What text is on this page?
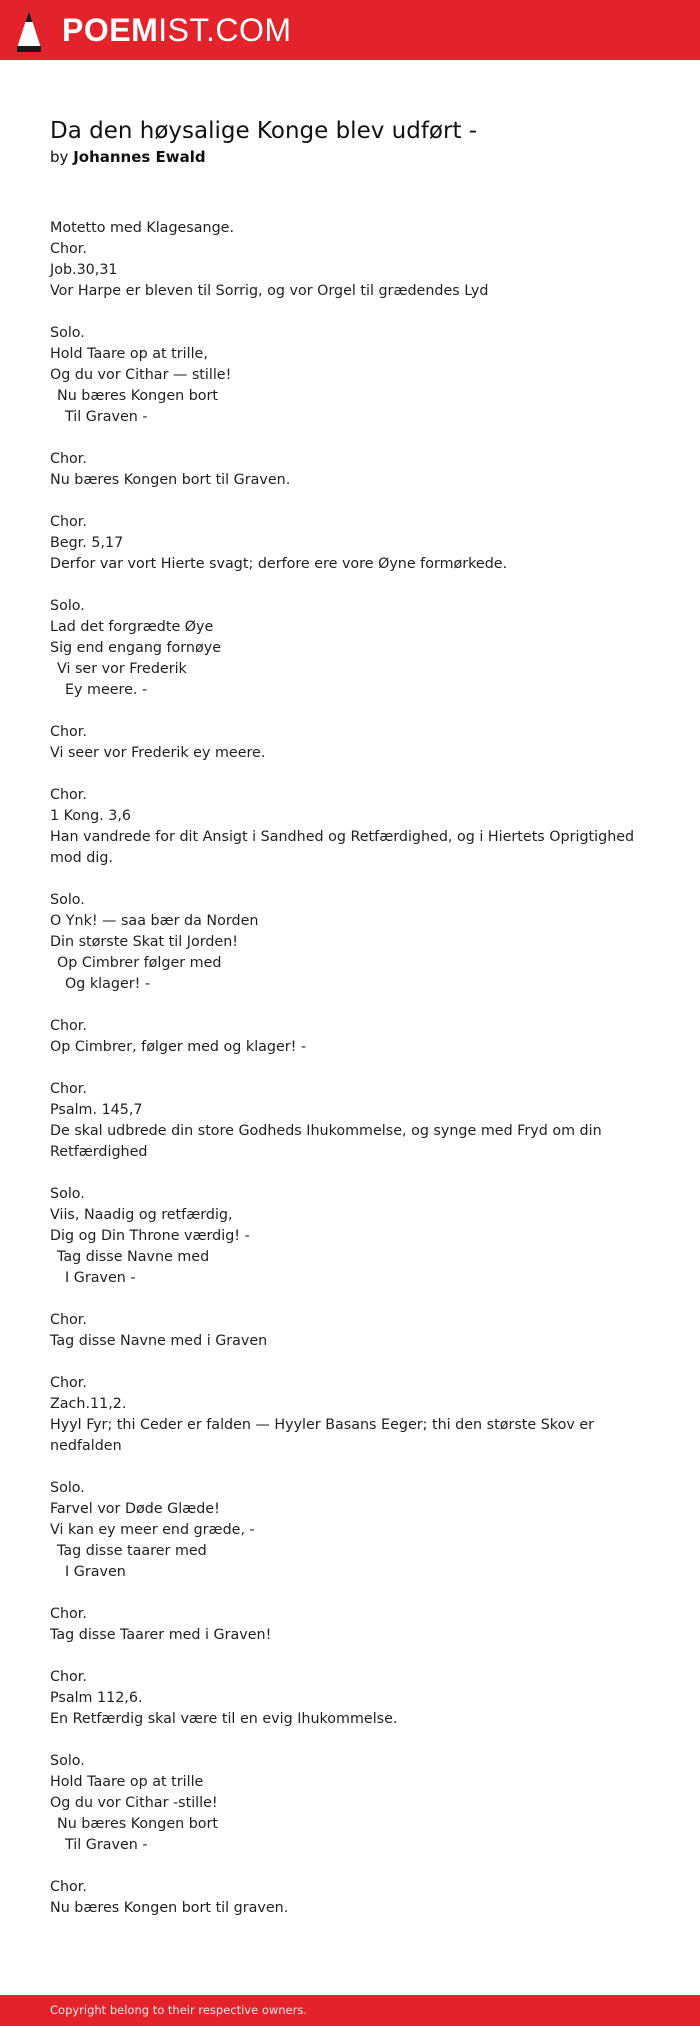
POEMIST.COM
Da den høysalige Konge blev udført -
by Johannes Ewald
Motetto med Klagesange.
Chor.
Job.30,31
Vor Harpe er bleven til Sorrig, og vor Orgel til grædendes Lyd
Solo.
Hold Taare op at trille,
Og du vor Cithar — stille!
Nu bæres Kongen bort
Til Graven -
Chor.
Nu bæres Kongen bort til Graven.
Chor.
Begr. 5,17
Derfor var vort Hierte svagt; derfore ere vore Øyne formørkede.
Solo.
Lad det forgrædte Øye
Sig end engang fornøye
Vi ser vor Frederik
Ey meere. -
Chor.
Vi seer vor Frederik ey meere.
Chor.
1 Kong. 3,6
Han vandrede for dit Ansigt i Sandhed og Retfærdighed, og i Hiertets Oprigtighed mod dig.
Solo.
O Ynk! — saa bær da Norden
Din største Skat til Jorden!
Op Cimbrer følger med
Og klager! -
Chor.
Op Cimbrer, følger med og klager! -
Chor.
Psalm. 145,7
De skal udbrede din store Godheds Ihukommelse, og synge med Fryd om din Retfærdighed
Solo.
Viis, Naadig og retfærdig,
Dig og Din Throne værdig! -
Tag disse Navne med
I Graven -
Chor.
Tag disse Navne med i Graven
Chor.
Zach.11,2.
Hyyl Fyr; thi Ceder er falden — Hyyler Basans Eeger; thi den største Skov er nedfalden
Solo.
Farvel vor Døde Glæde!
Vi kan ey meer end græde, -
Tag disse taarer med
I Graven
Chor.
Tag disse Taarer med i Graven!
Chor.
Psalm 112,6.
En Retfærdig skal være til en evig Ihukommelse.
Solo.
Hold Taare op at trille
Og du vor Cithar -stille!
Nu bæres Kongen bort
Til Graven -
Chor.
Nu bæres Kongen bort til graven.
Copyright belong to their respective owners.
